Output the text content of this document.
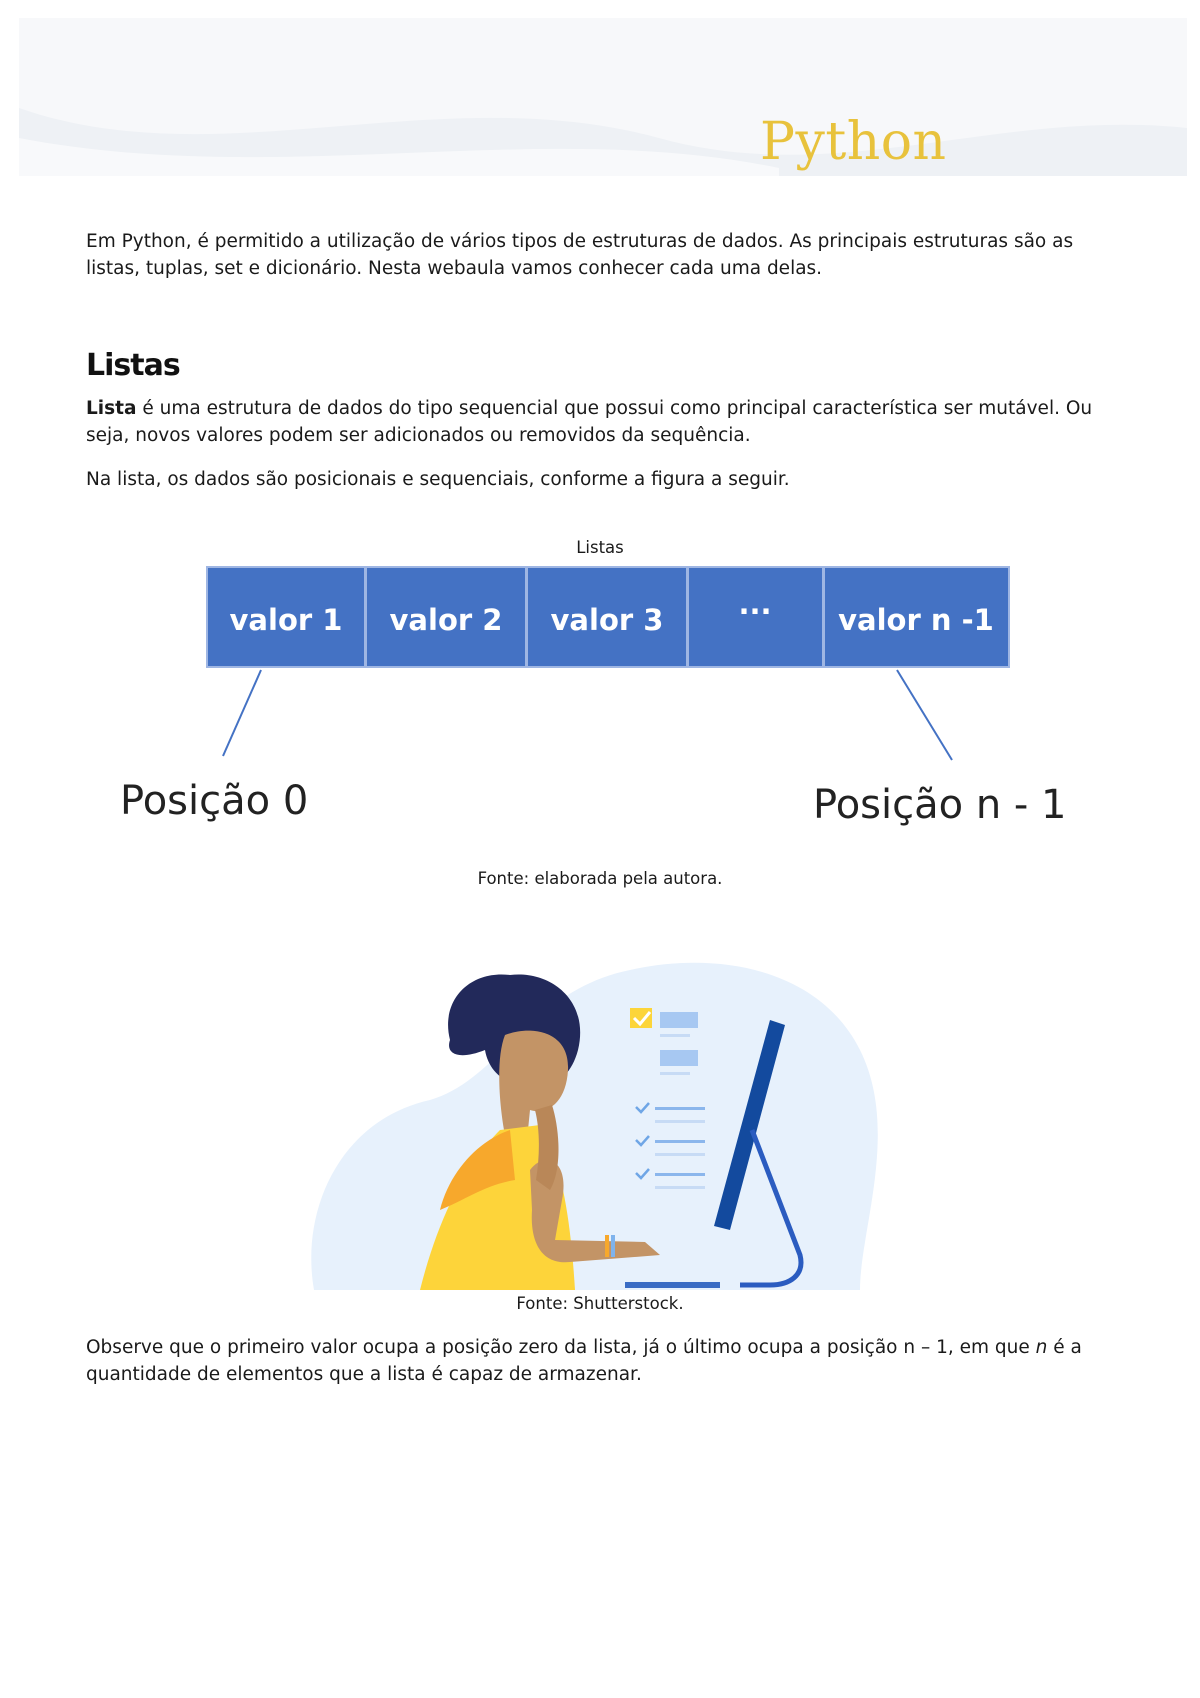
Python

Em Python, é permitido a utilização de vários tipos de estruturas de dados. As principais estruturas são as listas, tuplas, set e dicionário. Nesta webaula vamos conhecer cada uma delas.

Listas

Lista é uma estrutura de dados do tipo sequencial que possui como principal característica ser mutável. Ou seja, novos valores podem ser adicionados ou removidos da sequência.

Na lista, os dados são posicionais e sequenciais, conforme a figura a seguir.

Listas
valor 1 valor 2 valor 3	... valor n -1
Posição 0	Posição n - 1
Fonte: elaborada pela autora.
Fonte: Shutterstock.

Observe que o primeiro valor ocupa a posição zero da lista, já o último ocupa a posição n – 1, em que n é a quantidade de elementos que a lista é capaz de armazenar.
